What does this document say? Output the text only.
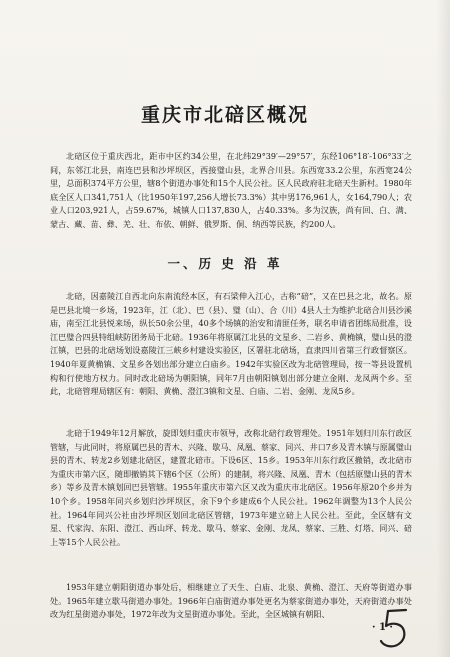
重庆市北碚区概况

北碚区位于重庆西北，距市中区约34公里，在北纬29°39′—29°57′，东经106°18′-106°33′之间，东邻江北县，南连巴县和沙坪坝区，西接璧山县，北界合川县。东西宽33.2公里，东西宽24公里，总面积374平方公里，辖8个街道办事处和15个人民公社。区人民政府驻北碚天生新村。1980年底全区人口341,751人（比1950年197,256人增长73.3%）其中男176,961人，女164,790人；农业人口203,921人，占59.67%，城镇人口137,830人，占40.33%。多为汉族，尚有回、白、满、蒙古、藏、苗、彝、羌、壮、布依、朝鲜、俄罗斯、侗、纳西等民族，约200人。

一、历 史 沿 革

北碚，因嘉陵江自西北向东南流经本区，有石梁伸入江心，古称“碚”，又在巴县之北，故名。原是巴县北境一乡场，1923年，江（北）、巴（县）、璧（山）、合（川）4县人士为维护北碚合川县沙溪庙，南至江北县悦来场，纵长50余公里，40多个场镇的治安和清匪任务，联名申请省团练局批准，设江巴璧合四县特组峡防团务局于北碚。1936年将原属江北县的文星乡、二岩乡、黄桷镇，璧山县的澄江镇，巴县的北碚场划设嘉陵江三峡乡村建设实验区，区署驻北碚场，直隶四川省第三行政督察区。1940年夏黄桷镇、文星乡各划出部分建立白庙乡。1942年实验区改为北碚管理局，按一等县设置机构和行使地方权力。同时改北碚场为朝阳镇，同年7月由朝阳镇划出部分建立金刚、龙凤两个乡。至此，北碚管理局辖区有：朝阳、黄桷、澄江3镇和文星、白庙、二岩、金刚、龙凤5乡。

北碚于1949年12月解放，旋即划归重庆市领导，改称北碚行政管理处。1951年划归川东行政区管辖，与此同时，将原属巴县的青木、兴隆、歇马、凤凰、蔡家、同兴、井口7乡及青木镇与原属璧山县的青木、转龙2乡划建北碚区，建置北碚市。下设6区、15乡。1953年川东行政区撤销，改北碚市为重庆市第六区，随即撤销其下辖6个区（公所）的建制，将兴隆、凤凰、青木（包括原璧山县的青木乡）等乡及青木镇划回巴县管辖。1955年重庆市第六区又改为重庆市北碚区。1956年原20个乡并为10个乡。1958年同兴乡划归沙坪坝区，余下9个乡建成6个人民公社。1962年调整为13个人民公社。1964年同兴公社由沙坪坝区划回北碚区管辖，1973年建立碚上人民公社。至此，全区辖有文星、代家沟、东阳、澄江、西山坪、转龙、歇马、蔡家、金刚、龙凤、蔡家、三胜、灯塔、同兴、碚上等15个人民公社。

1953年建立朝阳街道办事处后，相继建立了天生、白庙、北泉、黄桷、澄江、天府等街道办事处。1965年建立歇马街道办事处。1966年白庙街道办事处更名为蔡家街道办事处，天府街道办事处改为红星街道办事处，1972年改为文星街道办事处。至此，全区城镇有朝阳、

· 1 ·
